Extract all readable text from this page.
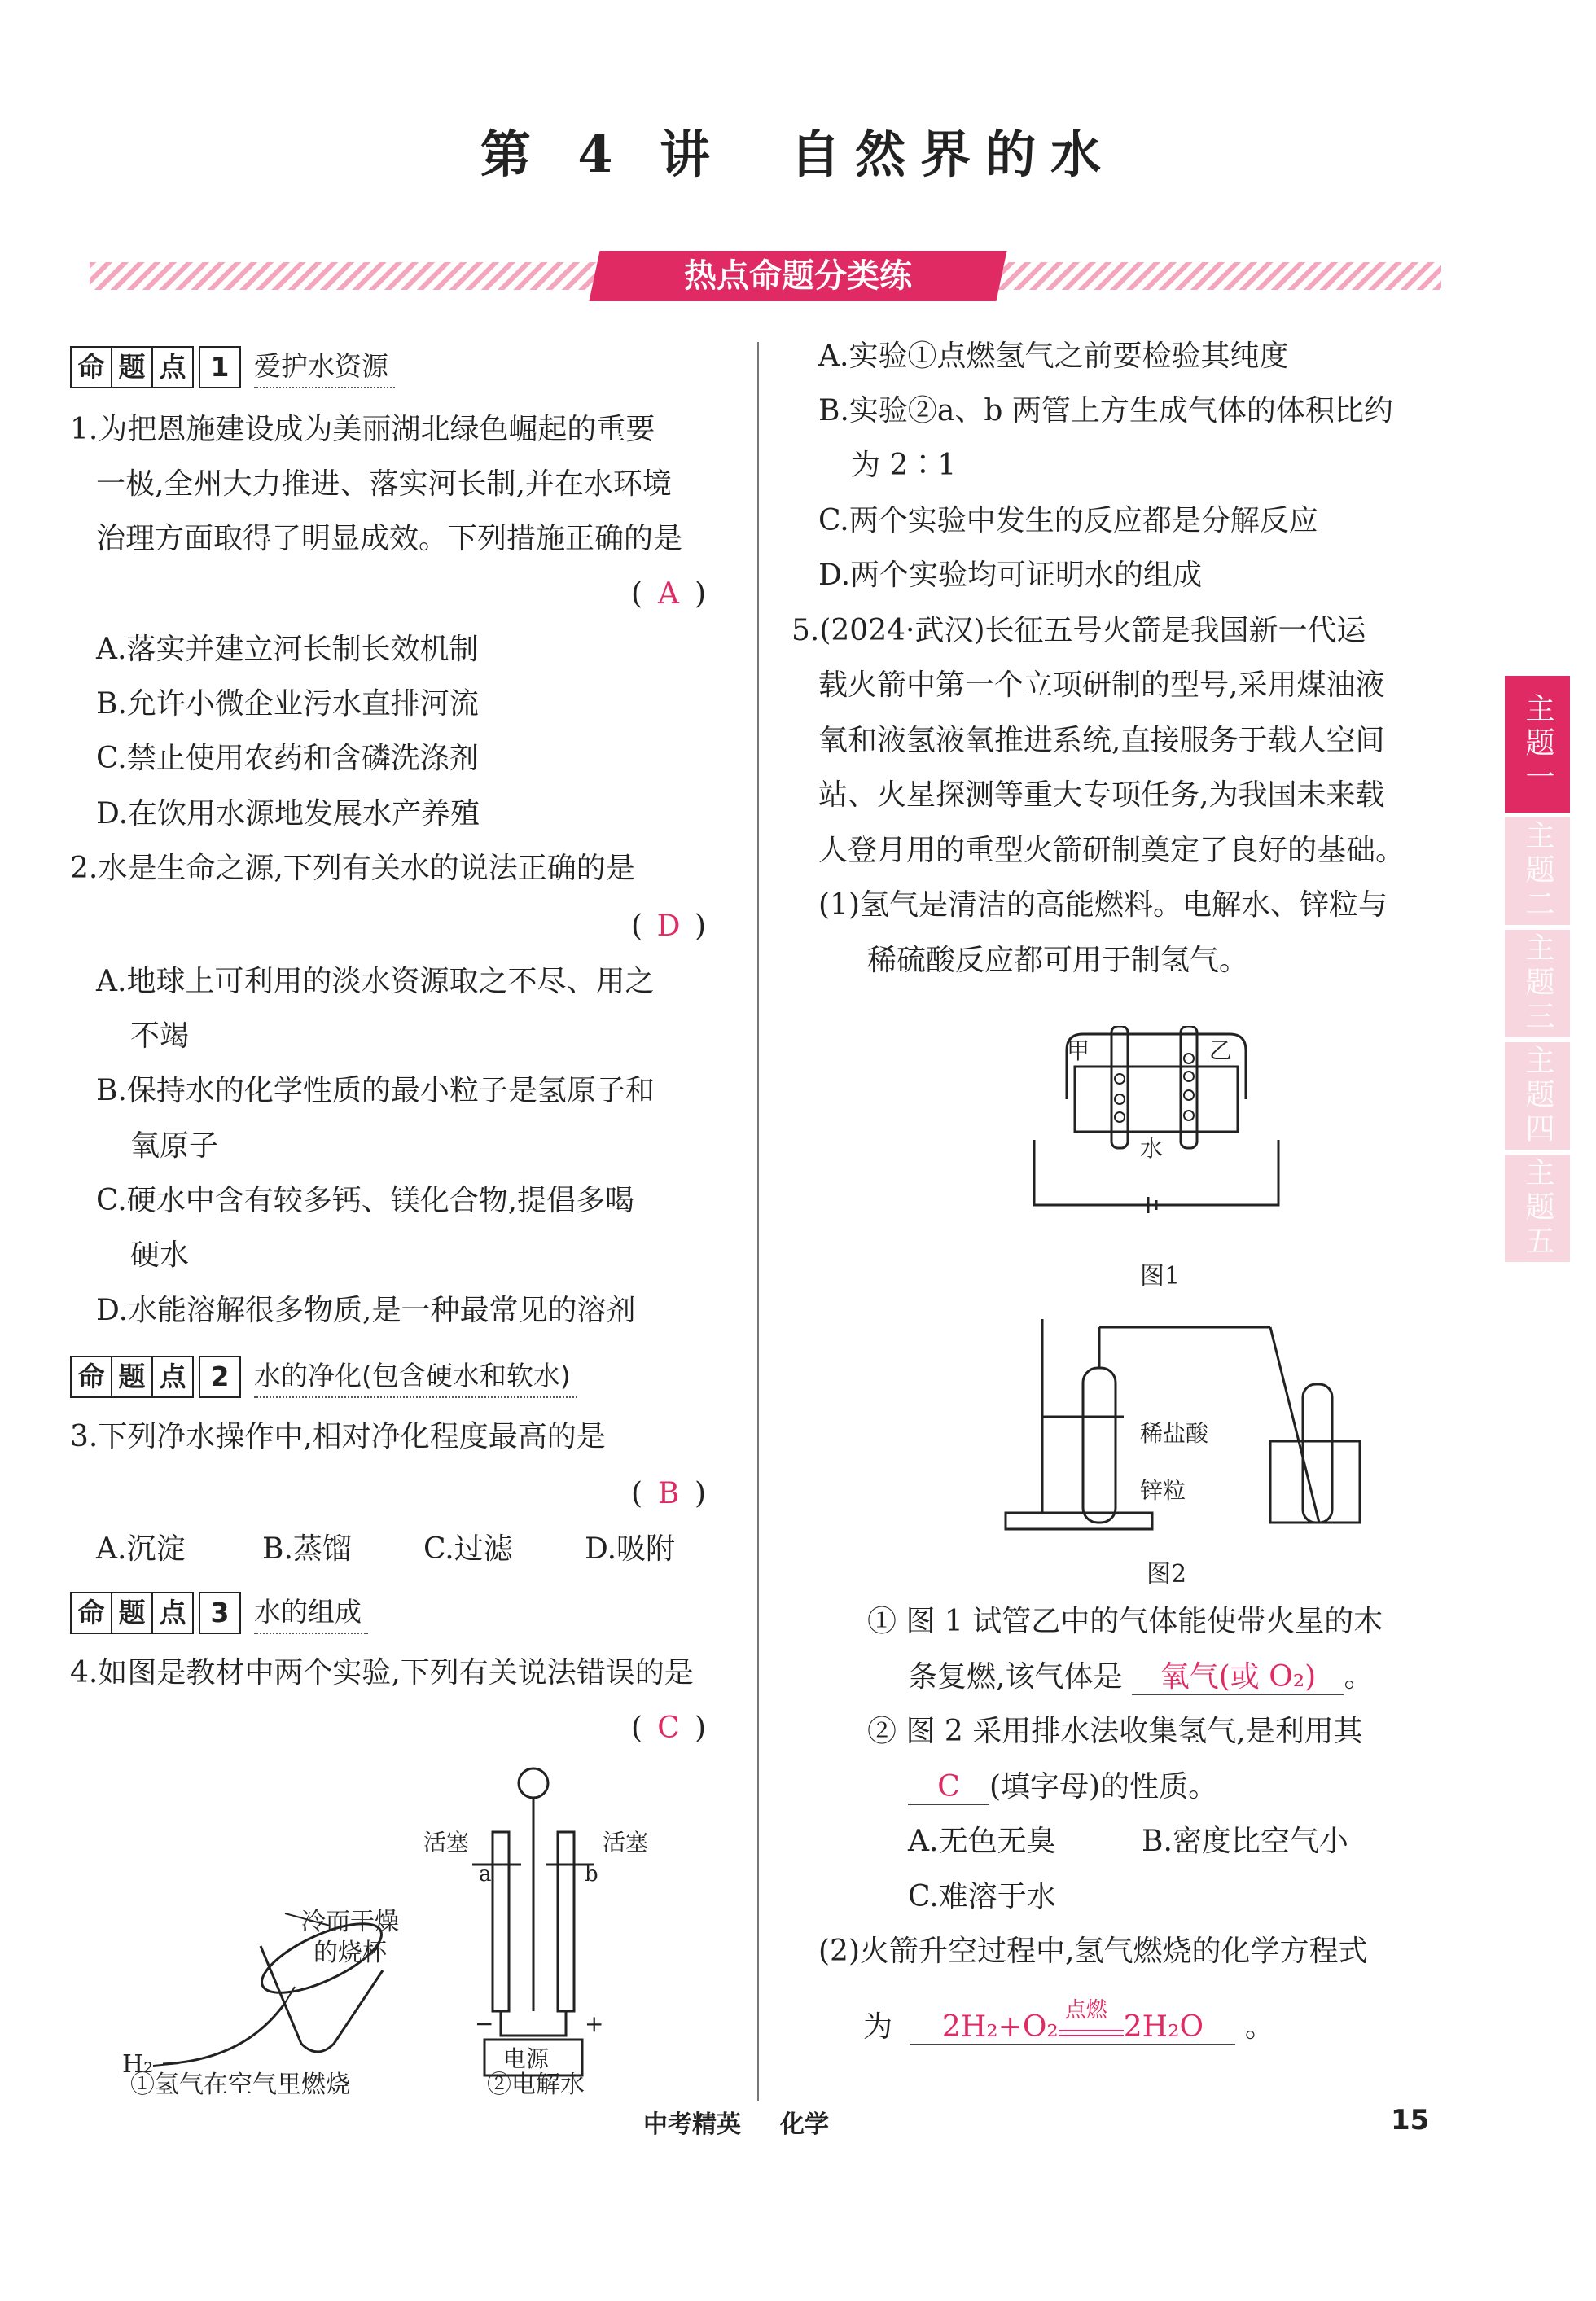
第 4 讲　自然界的水
热点命题分类练
命 题 点 1 爱护水资源
1.为把恩施建设成为美丽湖北绿色崛起的重要
一极,全州大力推进、落实河长制,并在水环境
治理方面取得了明显成效。下列措施正确的是
( A )
A.落实并建立河长制长效机制
B.允许小微企业污水直排河流
C.禁止使用农药和含磷洗涤剂
D.在饮用水源地发展水产养殖
2.水是生命之源,下列有关水的说法正确的是
( D )
A.地球上可利用的淡水资源取之不尽、用之
不竭
B.保持水的化学性质的最小粒子是氢原子和
氧原子
C.硬水中含有较多钙、镁化合物,提倡多喝
硬水
D.水能溶解很多物质,是一种最常见的溶剂
命 题 点 2 水的净化(包含硬水和软水)
3.下列净水操作中,相对净化程度最高的是
( B )
A.沉淀	B.蒸馏 C.过滤 D.吸附
命 题 点 3 水的组成
4.如图是教材中两个实验,下列有关说法错误的是
( C )
冷而干燥
的烧杯
H₂
活塞	活塞
a	b
−	+
电源
①氢气在空气里燃烧	②电解水
A.实验①点燃氢气之前要检验其纯度
B.实验②a、b 两管上方生成气体的体积比约
为 2∶1
C.两个实验中发生的反应都是分解反应
D.两个实验均可证明水的组成
5.(2024·武汉)长征五号火箭是我国新一代运
载火箭中第一个立项研制的型号,采用煤油液
氧和液氢液氧推进系统,直接服务于载人空间
站、火星探测等重大专项任务,为我国未来载
人登月用的重型火箭研制奠定了良好的基础。
(1)氢气是清洁的高能燃料。电解水、锌粒与
稀硫酸反应都可用于制氢气。
甲	乙
水
图1
稀盐酸
锌粒
图2
① 图 1 试管乙中的气体能使带火星的木
条复燃,该气体是 氧气(或 O₂) 。
② 图 2 采用排水法收集氢气,是利用其
C (填字母)的性质。
A.无色无臭	B.密度比空气小
C.难溶于水
(2)火箭升空过程中,氢气燃烧的化学方程式
为 2H₂+O₂ 点燃 2H₂O 。
主题一
主题二
主题三
主题四
主题五
中考精英 化学	15
